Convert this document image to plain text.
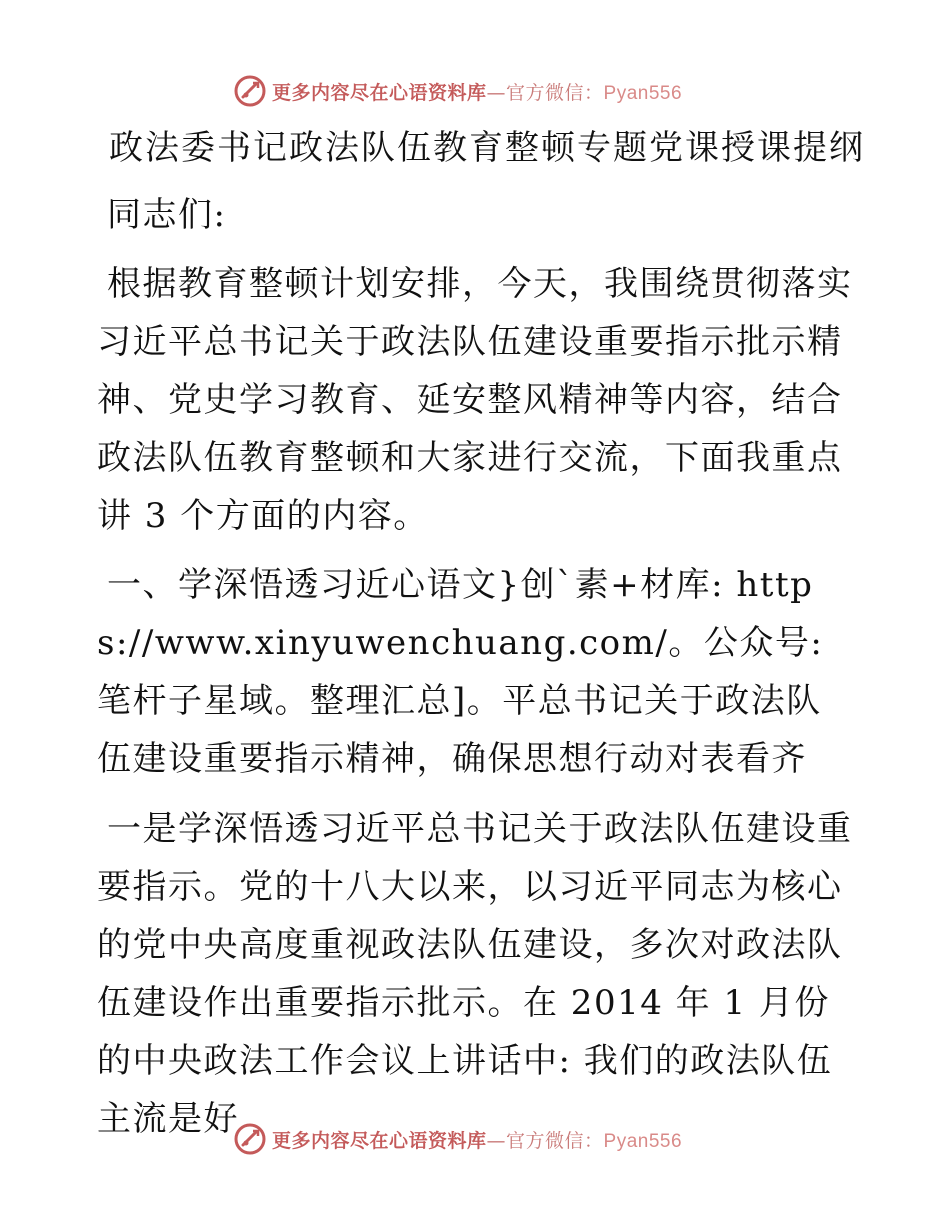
更多内容尽在心语资料库—官方微信：Pyan556
政法委书记政法队伍教育整顿专题党课授课提纲

同志们:

根据教育整顿计划安排，今天，我围绕贯彻落实习近平总书记关于政法队伍建设重要指示批示精神、党史学习教育、延安整风精神等内容，结合政法队伍教育整顿和大家进行交流，下面我重点讲 3 个方面的内容。

一、学深悟透习近心语文}创`素+材库: https://www.xinyuwenchuang.com/。公众号: 笔杆子星域。整理汇总]。平总书记关于政法队伍建设重要指示精神，确保思想行动对表看齐

一是学深悟透习近平总书记关于政法队伍建设重要指示。党的十八大以来，以习近平同志为核心的党中央高度重视政法队伍建设，多次对政法队伍建设作出重要指示批示。在 2014 年 1 月份的中央政法工作会议上讲话中: 我们的政法队伍主流是好

更多内容尽在心语资料库—官方微信：Pyan556
